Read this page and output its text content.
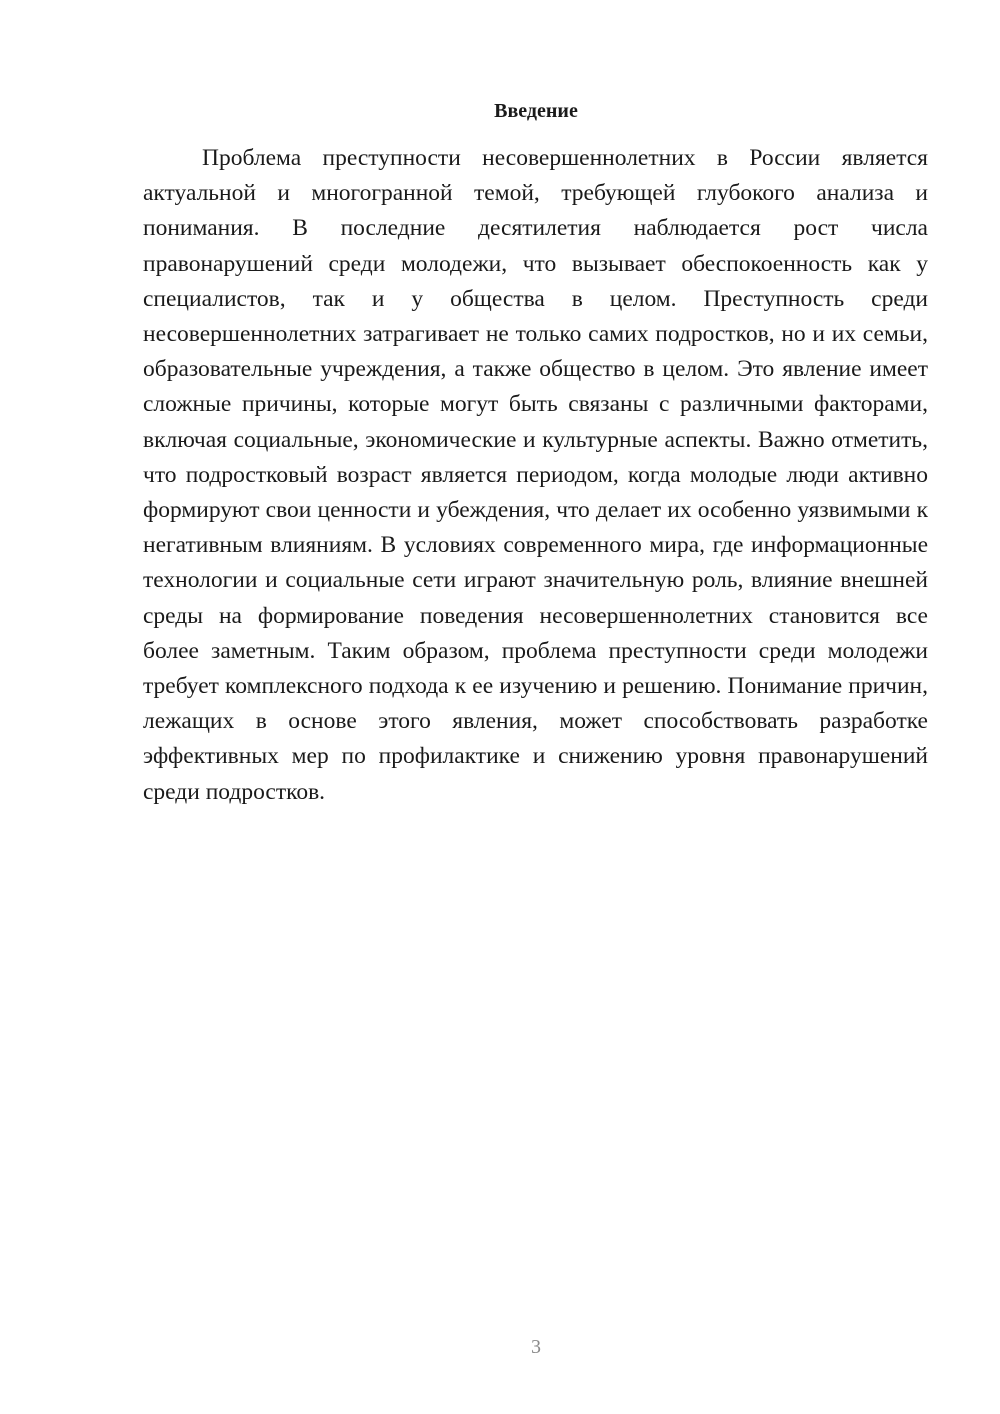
Введение

Проблема преступности несовершеннолетних в России является актуальной и многогранной темой, требующей глубокого анализа и понимания. В последние десятилетия наблюдается рост числа правонарушений среди молодежи, что вызывает обеспокоенность как у специалистов, так и у общества в целом. Преступность среди несовершеннолетних затрагивает не только самих подростков, но и их семьи, образовательные учреждения, а также общество в целом. Это явление имеет сложные причины, которые могут быть связаны с различными факторами, включая социальные, экономические и культурные аспекты. Важно отметить, что подростковый возраст является периодом, когда молодые люди активно формируют свои ценности и убеждения, что делает их особенно уязвимыми к негативным влияниям. В условиях современного мира, где информационные технологии и социальные сети играют значительную роль, влияние внешней среды на формирование поведения несовершеннолетних становится все более заметным. Таким образом, проблема преступности среди молодежи требует комплексного подхода к ее изучению и решению. Понимание причин, лежащих в основе этого явления, может способствовать разработке эффективных мер по профилактике и снижению уровня правонарушений среди подростков.

3
